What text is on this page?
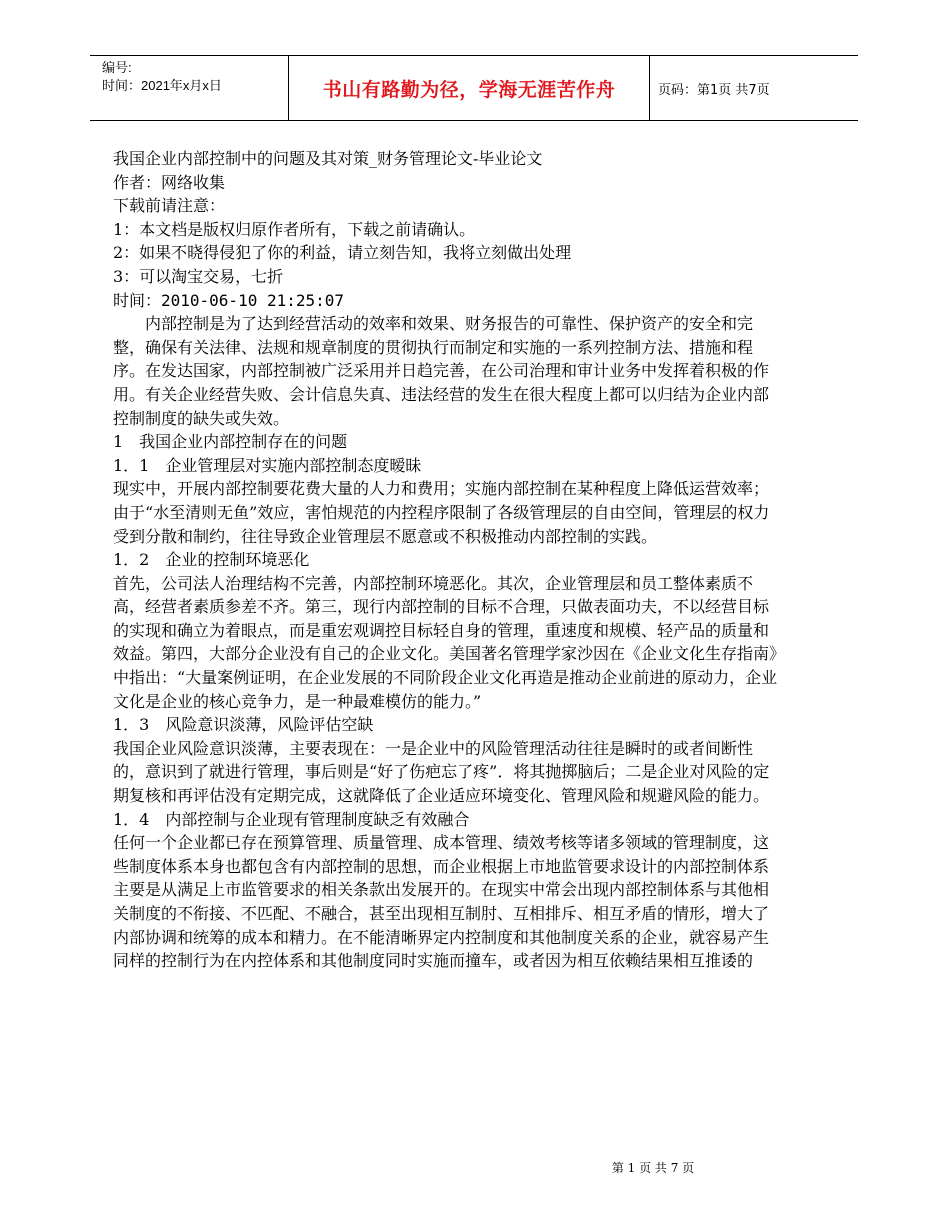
编号:
时间：2021年x月x日	书山有路勤为径，学海无涯苦作舟	页码：第1页 共7页

我国企业内部控制中的问题及其对策_财务管理论文-毕业论文

作者：网络收集

下载前请注意：

1：本文档是版权归原作者所有，下载之前请确认。

2：如果不晓得侵犯了你的利益，请立刻告知，我将立刻做出处理

3：可以淘宝交易，七折

时间：2010-06-10 21:25:07

内部控制是为了达到经营活动的效率和效果、财务报告的可靠性、保护资产的安全和完整，确保有关法律、法规和规章制度的贯彻执行而制定和实施的一系列控制方法、措施和程序。在发达国家，内部控制被广泛采用并日趋完善，在公司治理和审计业务中发挥着积极的作用。有关企业经营失败、会计信息失真、违法经营的发生在很大程度上都可以归结为企业内部控制制度的缺失或失效。

1　我国企业内部控制存在的问题

1．1　企业管理层对实施内部控制态度暧昧

现实中，开展内部控制要花费大量的人力和费用；实施内部控制在某种程度上降低运营效率；由于“水至清则无鱼”效应，害怕规范的内控程序限制了各级管理层的自由空间，管理层的权力受到分散和制约，往往导致企业管理层不愿意或不积极推动内部控制的实践。

1．2　企业的控制环境恶化

首先，公司法人治理结构不完善，内部控制环境恶化。其次，企业管理层和员工整体素质不高，经营者素质参差不齐。第三，现行内部控制的目标不合理，只做表面功夫，不以经营目标的实现和确立为着眼点，而是重宏观调控目标轻自身的管理，重速度和规模、轻产品的质量和效益。第四，大部分企业没有自己的企业文化。美国著名管理学家沙因在《企业文化生存指南》中指出：“大量案例证明，在企业发展的不同阶段企业文化再造是推动企业前进的原动力，企业文化是企业的核心竞争力，是一种最难模仿的能力。”

1．3　风险意识淡薄，风险评估空缺

我国企业风险意识淡薄，主要表现在：一是企业中的风险管理活动往往是瞬时的或者间断性的，意识到了就进行管理，事后则是“好了伤疤忘了疼”．将其抛掷脑后；二是企业对风险的定期复核和再评估没有定期完成，这就降低了企业适应环境变化、管理风险和规避风险的能力。

1．4　内部控制与企业现有管理制度缺乏有效融合

任何一个企业都已存在预算管理、质量管理、成本管理、绩效考核等诸多领域的管理制度，这些制度体系本身也都包含有内部控制的思想，而企业根据上市地监管要求设计的内部控制体系主要是从满足上市监管要求的相关条款出发展开的。在现实中常会出现内部控制体系与其他相关制度的不衔接、不匹配、不融合，甚至出现相互制肘、互相排斥、相互矛盾的情形，增大了内部协调和统筹的成本和精力。在不能清晰界定内控制度和其他制度关系的企业，就容易产生同样的控制行为在内控体系和其他制度同时实施而撞车，或者因为相互依赖结果相互推诿的

第 1 页 共 7 页
